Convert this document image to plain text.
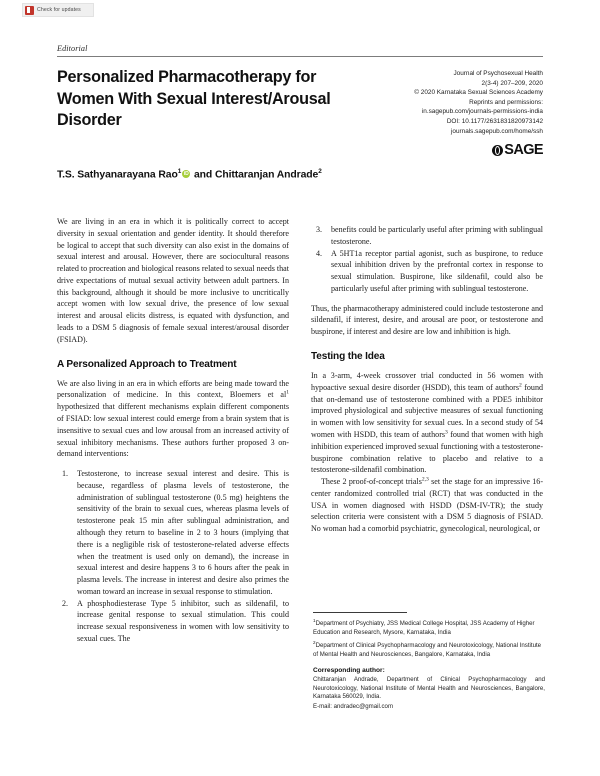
Check for updates
Editorial
Personalized Pharmacotherapy for Women With Sexual Interest/Arousal Disorder
Journal of Psychosexual Health
2(3-4) 207–209, 2020
© 2020 Karnataka Sexual Sciences Academy
Reprints and permissions:
in.sagepub.com/journals-permissions-india
DOI: 10.1177/2631831820973142
journals.sagepub.com/home/ssh
SAGE
T.S. Sathyanarayana Rao$^1$iD and Chittaranjan Andrade$^2$

We are living in an era in which it is politically correct to accept diversity in sexual orientation and gender identity. It should therefore be logical to accept that such diversity can also exist in the domains of sexual interest and arousal. However, there are sociocultural reasons related to procreation and biological reasons related to sexual needs that drive expectations of mutual sexual activity between adult partners. In this background, although it should be more inclusive to uncritically accept women with low sexual drive, the presence of low sexual interest and arousal elicits distress, is equated with dysfunction, and leads to a DSM 5 diagnosis of female sexual interest/arousal disorder (FSIAD).

A Personalized Approach to Treatment

We are also living in an era in which efforts are being made toward the personalization of medicine. In this context, Bloemers et al$^1$ hypothesized that different mechanisms explain different components of FSIAD: low sexual interest could emerge from a brain system that is insensitive to sexual cues and low arousal from an increased activity of sexual inhibitory mechanisms. These authors further proposed 3 on-demand interventions:

Testosterone, to increase sexual interest and desire. This is because, regardless of plasma levels of testosterone, the administration of sublingual testosterone (0.5 mg) heightens the sensitivity of the brain to sexual cues, whereas plasma levels of testosterone peak 15 min after sublingual administration, and although they return to baseline in 2 to 3 hours (implying that there is a negligible risk of testosterone-related adverse effects when the treatment is used only on demand), the increase in sexual interest and desire happens 3 to 6 hours after the peak in plasma levels. The increase in interest and desire also primes the woman toward an increase in sexual response to stimulation.
A phosphodiesterase Type 5 inhibitor, such as sildenafil, to increase genital response to sexual stimulation. This could increase sexual responsiveness in women with low sensitivity to sexual cues. The
benefits could be particularly useful after priming with sublingual testosterone.
A 5HT1a receptor partial agonist, such as buspirone, to reduce sexual inhibition driven by the prefrontal cortex in response to sexual stimulation. Buspirone, like sildenafil, could also be particularly useful after priming with sublingual testosterone.

Thus, the pharmacotherapy administered could include testosterone and sildenafil, if interest, desire, and arousal are poor, or testosterone and buspirone, if interest and desire are low and inhibition is high.

Testing the Idea

In a 3-arm, 4-week crossover trial conducted in 56 women with hypoactive sexual desire disorder (HSDD), this team of authors$^2$ found that on-demand use of testosterone combined with a PDE5 inhibitor improved physiological and subjective measures of sexual functioning in women with low sensitivity for sexual cues. In a second study of 54 women with HSDD, this team of authors$^3$ found that women with high inhibition experienced improved sexual functioning with a testosterone-buspirone combination relative to placebo and relative to a testosterone-sildenafil combination.

These 2 proof-of-concept trials$^{2,3}$ set the stage for an impressive 16-center randomized controlled trial (RCT) that was conducted in the USA in women diagnosed with HSDD (DSM-IV-TR); the study selection criteria were consistent with a DSM 5 diagnosis of FSIAD. No woman had a comorbid psychiatric, gynecological, neurological, or

$^1$Department of Psychiatry, JSS Medical College Hospital, JSS Academy of Higher Education and Research, Mysore, Karnataka, India

$^2$Department of Clinical Psychopharmacology and Neurotoxicology, National Institute of Mental Health and Neurosciences, Bangalore, Karnataka, India

Corresponding author:

Chittaranjan Andrade, Department of Clinical Psychopharmacology and Neurotoxicology, National Institute of Mental Health and Neurosciences, Bangalore, Karnataka 560029, India.

E-mail: andradec@gmail.com
